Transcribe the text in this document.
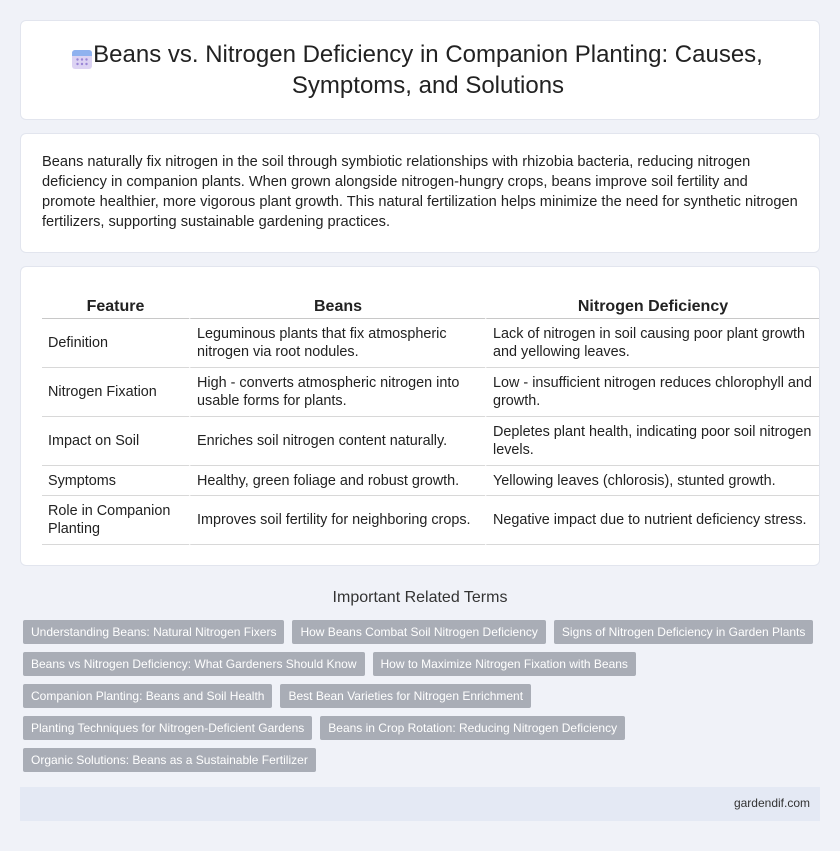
Beans vs. Nitrogen Deficiency in Companion Planting: Causes, Symptoms, and Solutions

Beans naturally fix nitrogen in the soil through symbiotic relationships with rhizobia bacteria, reducing nitrogen deficiency in companion plants. When grown alongside nitrogen-hungry crops, beans improve soil fertility and promote healthier, more vigorous plant growth. This natural fertilization helps minimize the need for synthetic nitrogen fertilizers, supporting sustainable gardening practices.

Feature	Beans	Nitrogen Deficiency
Definition	Leguminous plants that fix atmospheric nitrogen via root nodules.	Lack of nitrogen in soil causing poor plant growth and yellowing leaves.
Nitrogen Fixation	High - converts atmospheric nitrogen into usable forms for plants.	Low - insufficient nitrogen reduces chlorophyll and growth.
Impact on Soil	Enriches soil nitrogen content naturally.	Depletes plant health, indicating poor soil nitrogen levels.
Symptoms	Healthy, green foliage and robust growth.	Yellowing leaves (chlorosis), stunted growth.
Role in Companion Planting	Improves soil fertility for neighboring crops.	Negative impact due to nutrient deficiency stress.
Important Related Terms
Understanding Beans: Natural Nitrogen Fixers	How Beans Combat Soil Nitrogen Deficiency	Signs of Nitrogen Deficiency in Garden Plants
Beans vs Nitrogen Deficiency: What Gardeners Should Know	How to Maximize Nitrogen Fixation with Beans
Companion Planting: Beans and Soil Health	Best Bean Varieties for Nitrogen Enrichment
Planting Techniques for Nitrogen-Deficient Gardens	Beans in Crop Rotation: Reducing Nitrogen Deficiency
Organic Solutions: Beans as a Sustainable Fertilizer
gardendif.com
